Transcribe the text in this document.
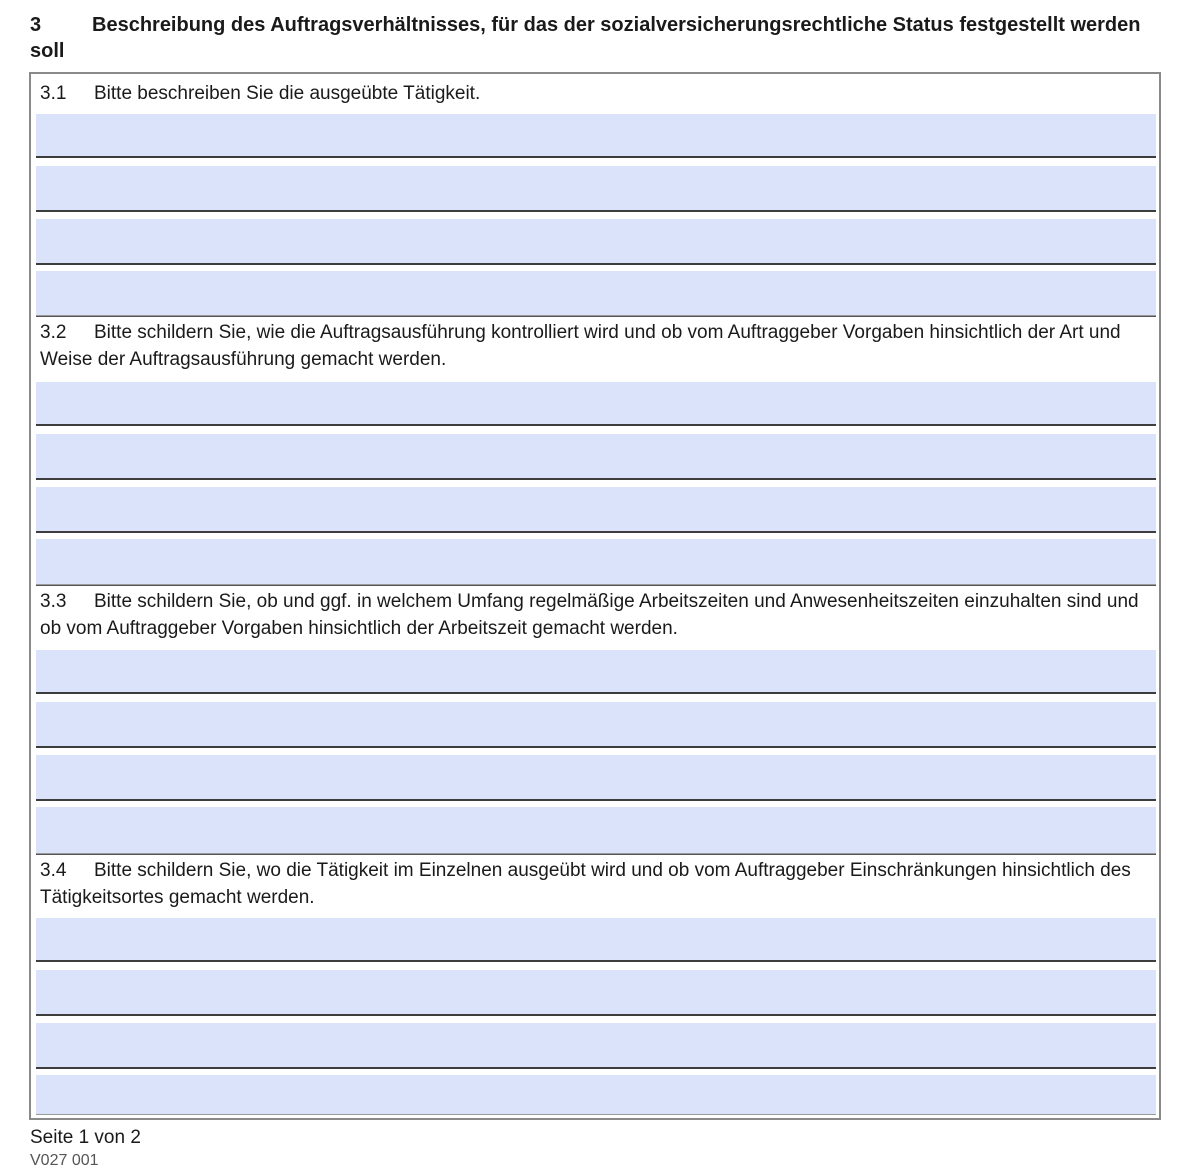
3	Beschreibung des Auftragsverhältnisses, für das der sozialversicherungsrechtliche Status festgestellt werden soll
3.1 Bitte beschreiben Sie die ausgeübte Tätigkeit.
3.2 Bitte schildern Sie, wie die Auftragsausführung kontrolliert wird und ob vom Auftraggeber Vorgaben hinsichtlich der Art und Weise der Auftragsausführung gemacht werden.
3.3 Bitte schildern Sie, ob und ggf. in welchem Umfang regelmäßige Arbeitszeiten und Anwesenheitszeiten einzuhalten sind und ob vom Auftraggeber Vorgaben hinsichtlich der Arbeitszeit gemacht werden.
3.4 Bitte schildern Sie, wo die Tätigkeit im Einzelnen ausgeübt wird und ob vom Auftraggeber Einschränkungen hinsichtlich des Tätigkeitsortes gemacht werden.
Seite 1 von 2
V027 001
